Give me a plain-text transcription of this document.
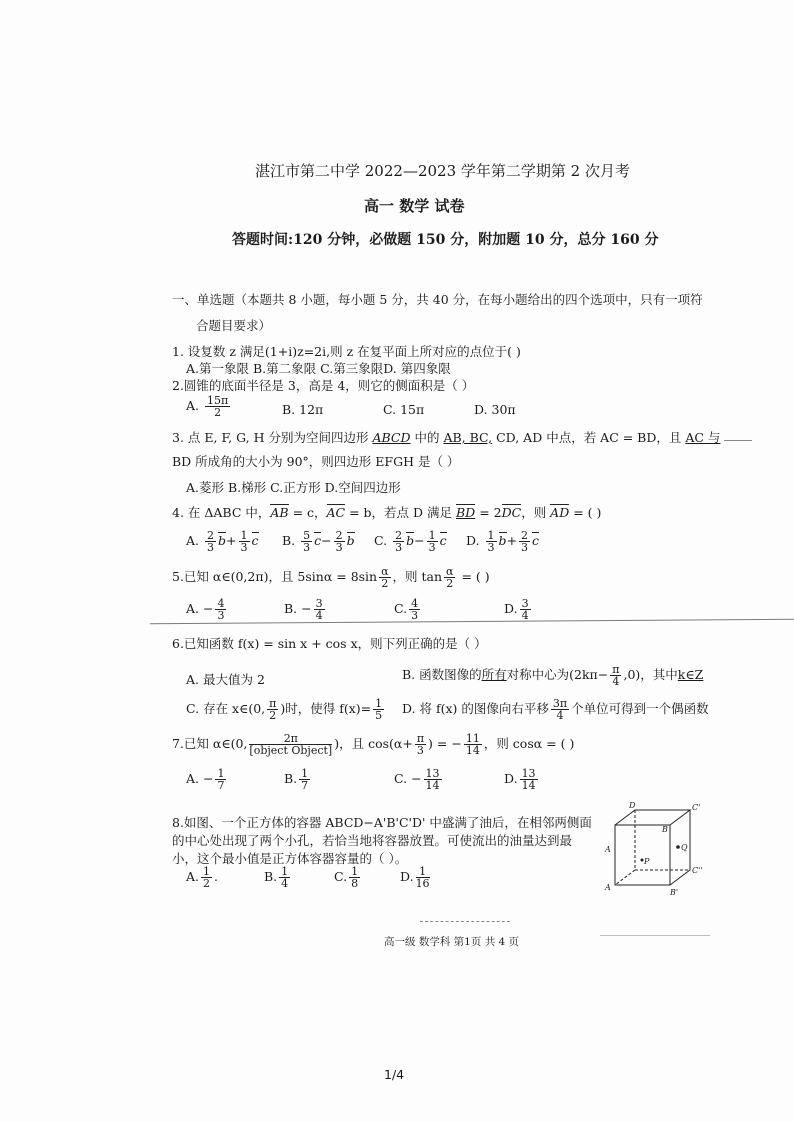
湛江市第二中学 2022—2023 学年第二学期第 2 次月考
高一 数学 试卷
答题时间:120 分钟，必做题 150 分，附加题 10 分，总分 160 分
一、单选题（本题共 8 小题，每小题 5 分，共 40 分，在每小题给出的四个选项中，只有一项符
合题目要求）
1. 设复数 z 满足(1+i)z=2i,则 z 在复平面上所对应的点位于( )
A.第一象限 B.第二象限 C.第三象限D. 第四象限
2.圆锥的底面半径是 3，高是 4，则它的侧面积是（ ）
A. $\frac{15\pi}{2}$	B. 12π	C. 15π	D. 30π
3. 点 E, F, G, H 分别为空间四边形 ABCD 中的 AB, BC, CD, AD 中点，若 AC = BD，且 AC 与
BD 所成角的大小为 90°，则四边形 EFGH 是（ ）
A.菱形 B.梯形 C.正方形 D.空间四边形
4. 在 ΔABC 中，AB = c，AC = b，若点 D 满足 BD = 2DC，则 AD = ( )
A. $\frac{2}{3} b+ \frac{1}{3}$ c B. $\frac{5}{3} c- \frac{2}{3}$ b C. $\frac{2}{3} b- \frac{1}{3}$ c D. $\frac{1}{3} b+ \frac{2}{3}$ c
5.已知 α∈(0,2π)，且 $5\sin\alpha = 8\sin \frac{\alpha}{2}$ ，则 $\tan \frac{\alpha}{2}$ = ( )
A. − $\frac{4}{3}$	B. − $\frac{3}{4}$	C. $\frac{4}{3}$	D. $\frac{3}{4}$
6.已知函数 f(x) = sin x + cos x，则下列正确的是（ ）
A. 最大值为 2	B. 函数图像的所有对称中心为$(2k\pi- \frac{\pi}{4} ,0)$，其中k∈Z
C. 存在 x∈(0, $\frac{\pi}{2}$ )时，使得 $f(x)= \frac{1}{5} D$. 将 f(x) 的图像向右平移 $\frac{3\pi}{4}$ 个单位可得到一个偶函数
7.已知 α∈(0, $\frac{2\pi}{\text{[object Object]}}$ )，且 $\cos(\alpha+ \frac{\pi}{3}$ ) = − $\frac{11}{14}$ ，则 cosα = ( )
A. − $\frac{1}{7}$	B. $\frac{1}{7}$	C. − $\frac{13}{14}$	D. $\frac{13}{14}$
8.如图、一个正方体的容器 ABCD−A'B'C'D' 中盛满了油后，在相邻两侧面
的中心处出现了两个小孔，若恰当地将容器放置。可使流出的油量达到最
小，这个最小值是正方体容器容量的（ ）。
A. $\frac{1}{2}$ .	B. $\frac{1}{4}$	C. $\frac{1}{8}$	D. $\frac{1}{16}$
D	C'
B
A
P
Q
C''
A
B'
高一级 数学科 第1页 共 4 页
1/4
